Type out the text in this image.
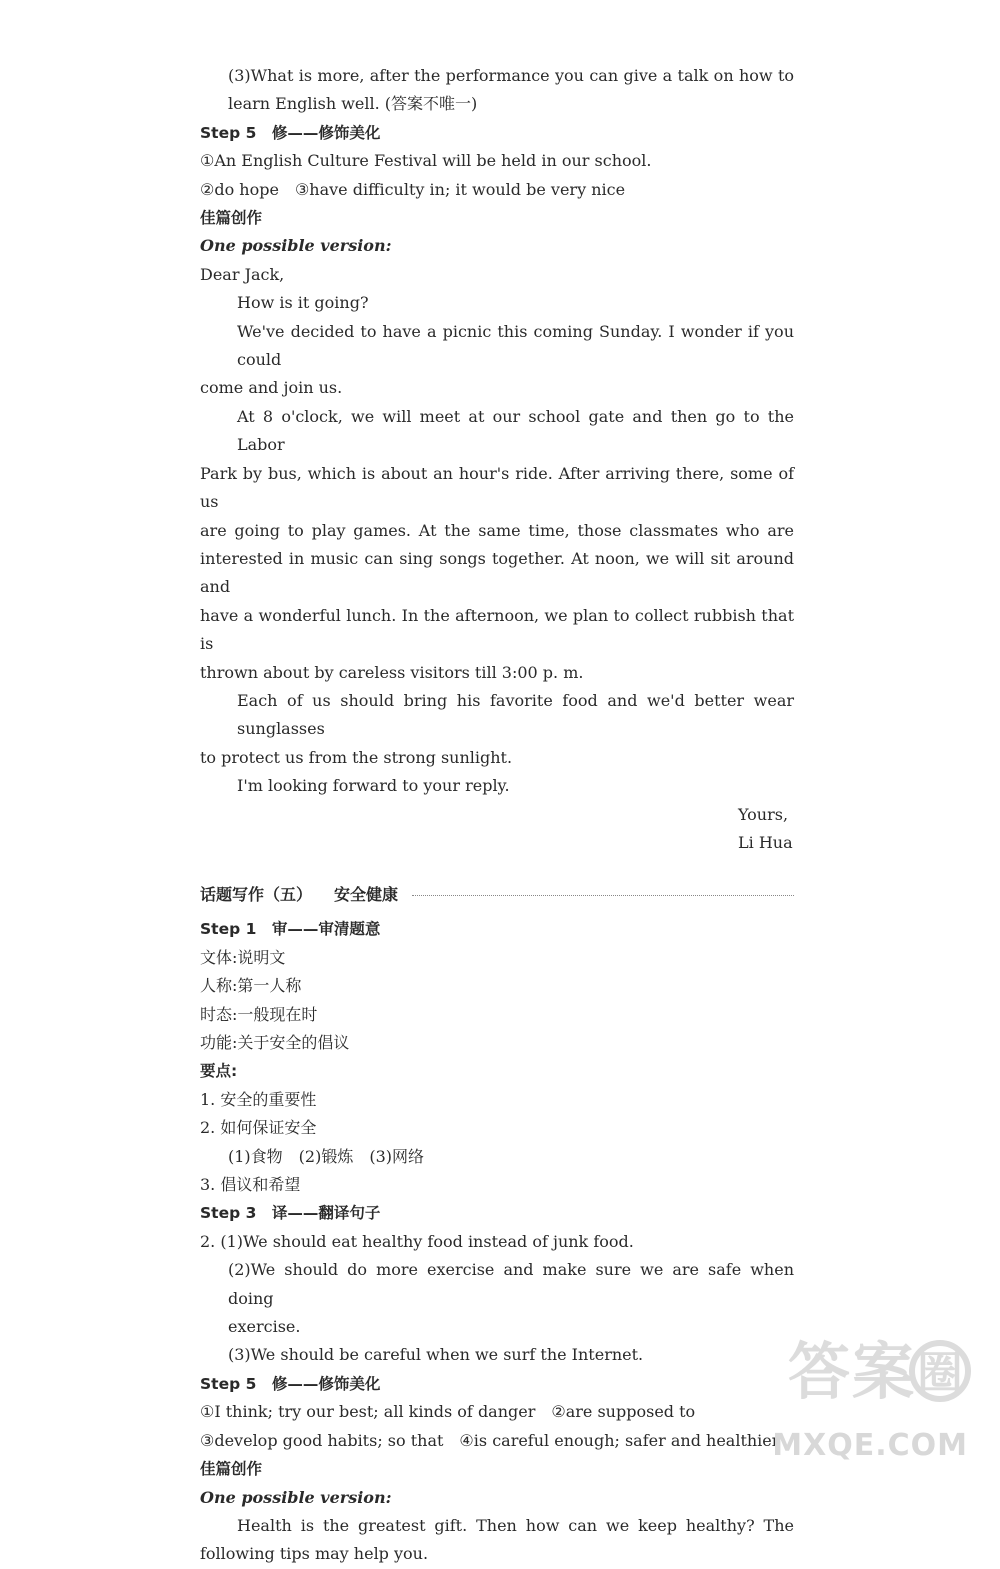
(3)What is more, after the performance you can give a talk on how to

learn English well. (答案不唯一)

Step 5　修——修饰美化

①An English Culture Festival will be held in our school.

②do hope　③have difficulty in; it would be very nice

佳篇创作

One possible version:

Dear Jack,

How is it going?

We've decided to have a picnic this coming Sunday. I wonder if you could

come and join us.

At 8 o'clock, we will meet at our school gate and then go to the Labor

Park by bus, which is about an hour's ride. After arriving there, some of us

are going to play games. At the same time, those classmates who are

interested in music can sing songs together. At noon, we will sit around and

have a wonderful lunch. In the afternoon, we plan to collect rubbish that is

thrown about by careless visitors till 3:00 p. m.

Each of us should bring his favorite food and we'd better wear sunglasses

to protect us from the strong sunlight.

I'm looking forward to your reply.

Yours,

Li Hua

话题写作（五） 安全健康

Step 1　审——审清题意

文体:说明文

人称:第一人称

时态:一般现在时

功能:关于安全的倡议

要点:

1. 安全的重要性

2. 如何保证安全

(1)食物　(2)锻炼　(3)网络

3. 倡议和希望

Step 3　译——翻译句子

2. (1)We should eat healthy food instead of junk food.

(2)We should do more exercise and make sure we are safe when doing

exercise.

(3)We should be careful when we surf the Internet.

Step 5　修——修饰美化

①I think; try our best; all kinds of danger　②are supposed to

③develop good habits; so that　④is careful enough; safer and healthier

佳篇创作

One possible version:

Health is the greatest gift. Then how can we keep healthy? The

following tips may help you.

答案 圈
MXQE.COM
